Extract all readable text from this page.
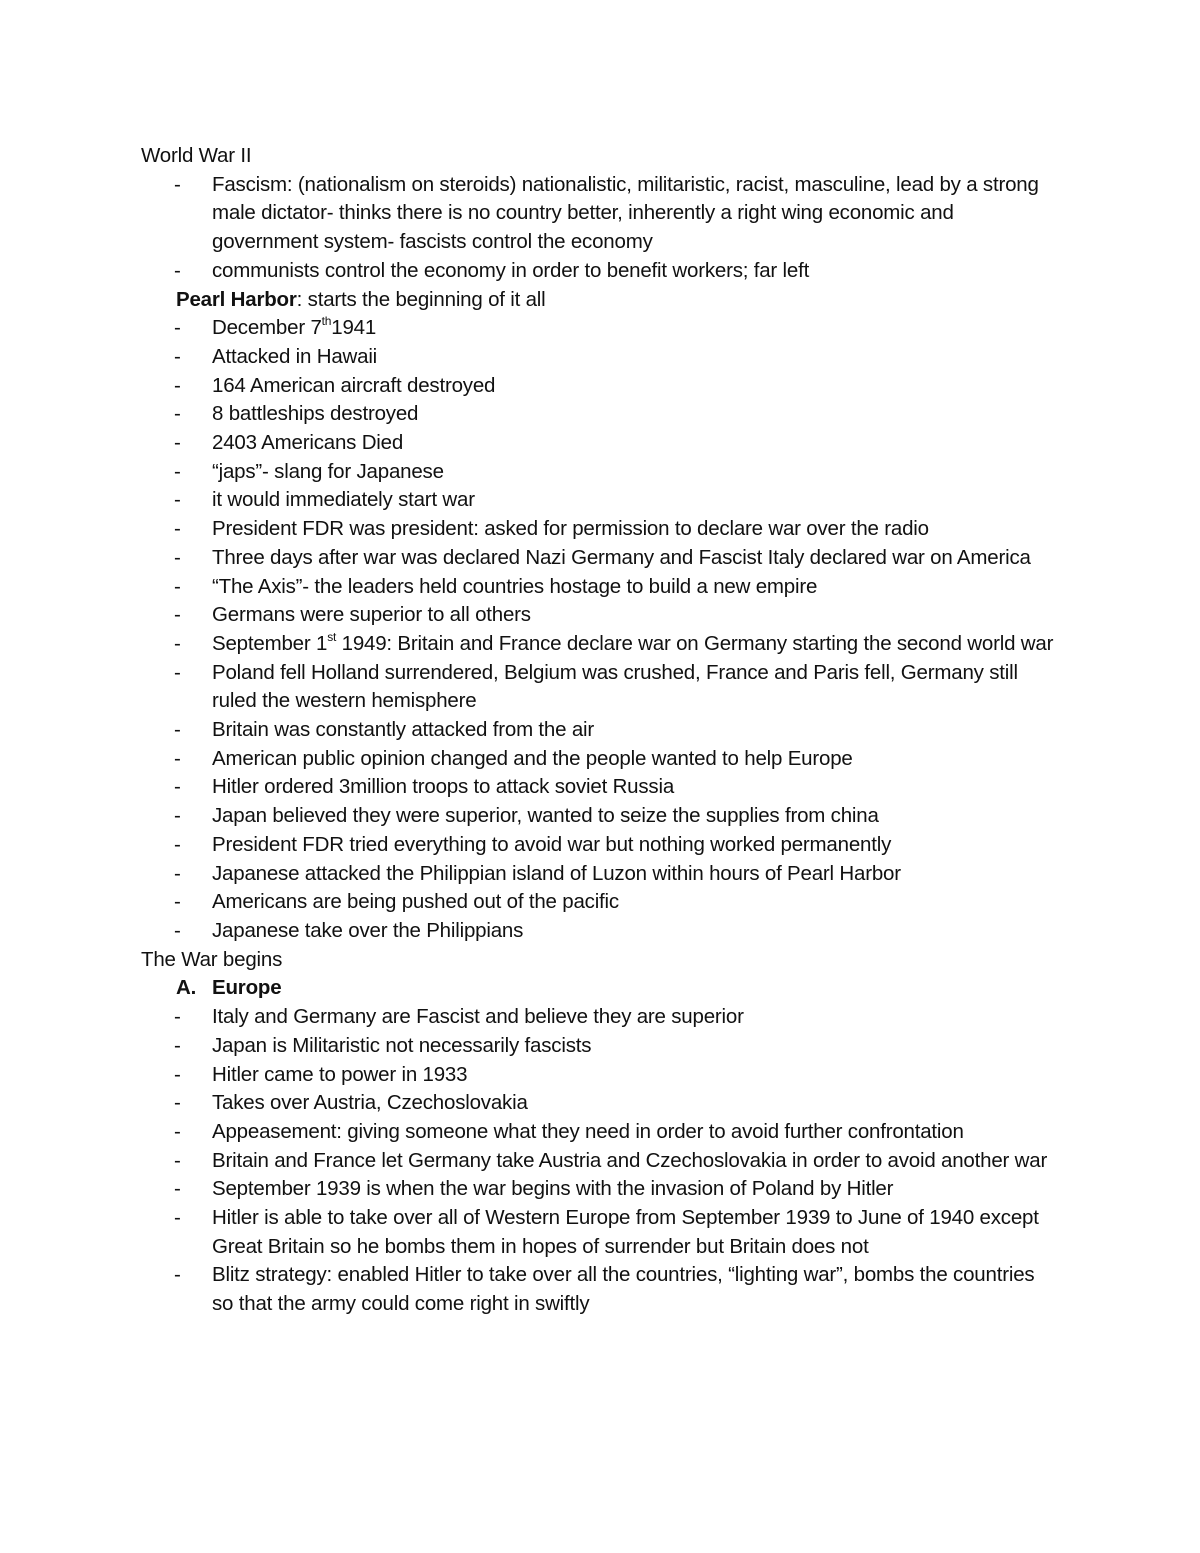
World War II
- Fascism: (nationalism on steroids) nationalistic, militaristic, racist, masculine, lead by a strong male dictator- thinks there is no country better, inherently a right wing economic and government system- fascists control the economy
- communists control the economy in order to benefit workers; far left
Pearl Harbor: starts the beginning of it all
- December 7th1941
- Attacked in Hawaii
- 164 American aircraft destroyed
- 8 battleships destroyed
- 2403 Americans Died
- “japs”- slang for Japanese
- it would immediately start war
- President FDR was president: asked for permission to declare war over the radio
- Three days after war was declared Nazi Germany and Fascist Italy declared war on America
- “The Axis”- the leaders held countries hostage to build a new empire
- Germans were superior to all others
- September 1st 1949: Britain and France declare war on Germany starting the second world war
- Poland fell Holland surrendered, Belgium was crushed, France and Paris fell, Germany still ruled the western hemisphere
- Britain was constantly attacked from the air
- American public opinion changed and the people wanted to help Europe
- Hitler ordered 3million troops to attack soviet Russia
- Japan believed they were superior, wanted to seize the supplies from china
- President FDR tried everything to avoid war but nothing worked permanently
- Japanese attacked the Philippian island of Luzon within hours of Pearl Harbor
- Americans are being pushed out of the pacific
- Japanese take over the Philippians
The War begins
A. Europe
- Italy and Germany are Fascist and believe they are superior
- Japan is Militaristic not necessarily fascists
- Hitler came to power in 1933
- Takes over Austria, Czechoslovakia
- Appeasement: giving someone what they need in order to avoid further confrontation
- Britain and France let Germany take Austria and Czechoslovakia in order to avoid another war
- September 1939 is when the war begins with the invasion of Poland by Hitler
- Hitler is able to take over all of Western Europe from September 1939 to June of 1940 except Great Britain so he bombs them in hopes of surrender but Britain does not
- Blitz strategy: enabled Hitler to take over all the countries, “lighting war”, bombs the countries so that the army could come right in swiftly
